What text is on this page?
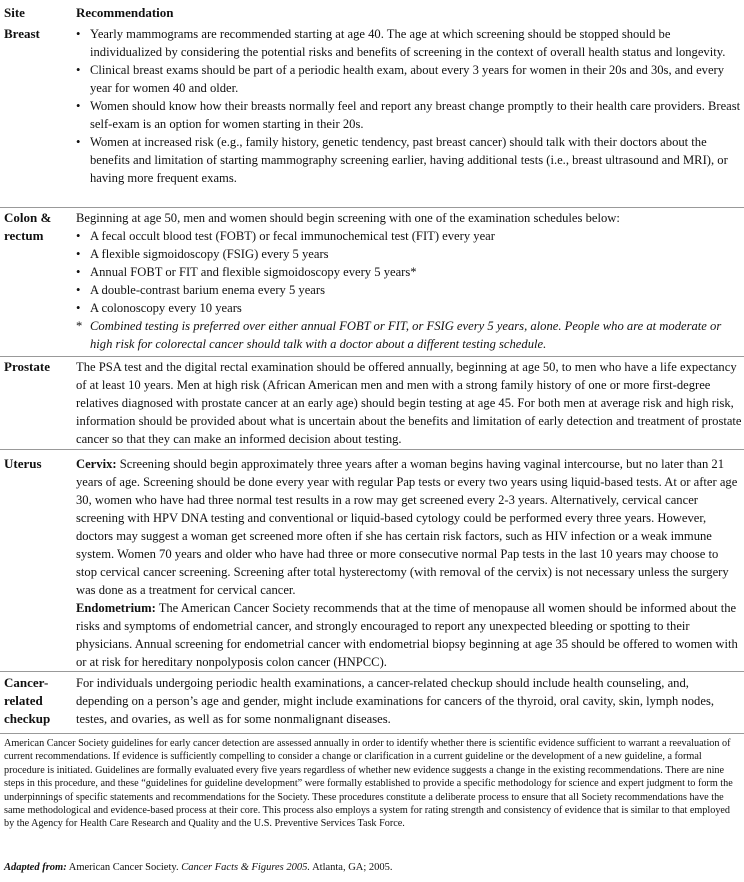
Site	Recommendation
Breast
•	Yearly mammograms are recommended starting at age 40. The age at which screening should be stopped should be individualized by considering the potential risks and benefits of screening in the context of overall health status and longevity.
• Clinical breast exams should be part of a periodic health exam, about every 3 years for women in their 20s and 30s, and every year for women 40 and older.
• Women should know how their breasts normally feel and report any breast change promptly to their health care providers. Breast self-exam is an option for women starting in their 20s.
• Women at increased risk (e.g., family history, genetic tendency, past breast cancer) should talk with their doctors about the benefits and limitation of starting mammography screening earlier, having additional tests (i.e., breast ultrasound and MRI), or having more frequent exams.
Colon &
rectum

Beginning at age 50, men and women should begin screening with one of the examination schedules below:

• A fecal occult blood test (FOBT) or fecal immunochemical test (FIT) every year
• A flexible sigmoidoscopy (FSIG) every 5 years
• Annual FOBT or FIT and flexible sigmoidoscopy every 5 years*
• A double-contrast barium enema every 5 years
• A colonoscopy every 10 years
* Combined testing is preferred over either annual FOBT or FIT, or FSIG every 5 years, alone. People who are at moderate or high risk for colorectal cancer should talk with a doctor about a different testing schedule.
Prostate The PSA test and the digital rectal examination should be offered annually, beginning at age 50, to men who have a life expectancy of at least 10 years. Men at high risk (African American men and men with a strong family history of one or more first-degree relatives diagnosed with prostate cancer at an early age) should begin testing at age 45. For both men at average risk and high risk, information should be provided about what is uncertain about the benefits and limitation of early detection and treatment of prostate cancer so that they can make an informed decision about testing.

Uterus	Cervix: Screening should begin approximately three years after a woman begins having vaginal intercourse, but no later than 21 years of age. Screening should be done every year with regular Pap tests or every two years using liquid-based tests. At or after age 30, women who have had three normal test results in a row may get screened every 2-3 years. Alternatively, cervical cancer screening with HPV DNA testing and conventional or liquid-based cytology could be performed every three years. However, doctors may suggest a woman get screened more often if she has certain risk factors, such as HIV infection or a weak immune system. Women 70 years and older who have had three or more consecutive normal Pap tests in the last 10 years may choose to stop cervical cancer screening. Screening after total hysterectomy (with removal of the cervix) is not necessary unless the surgery was done as a treatment for cervical cancer.

Endometrium: The American Cancer Society recommends that at the time of menopause all women should be informed about the risks and symptoms of endometrial cancer, and strongly encouraged to report any unexpected bleeding or spotting to their physicians. Annual screening for endometrial cancer with endometrial biopsy beginning at age 35 should be offered to women with or at risk for hereditary nonpolyposis colon cancer (HNPCC).

Cancer-
related
checkup

For individuals undergoing periodic health examinations, a cancer-related checkup should include health counseling, and, depending on a person’s age and gender, might include examinations for cancers of the thyroid, oral cavity, skin, lymph nodes, testes, and ovaries, as well as for some nonmalignant diseases.

American Cancer Society guidelines for early cancer detection are assessed annually in order to identify whether there is scientific evidence sufficient to warrant a reevaluation of current recommendations. If evidence is sufficiently compelling to consider a change or clarification in a current guideline or the development of a new guideline, a formal procedure is initiated. Guidelines are formally evaluated every five years regardless of whether new evidence suggests a change in the existing recommendations. There are nine steps in this procedure, and these “guidelines for guideline development” were formally established to provide a specific methodology for science and expert judgment to form the underpinnings of specific statements and recommendations for the Society. These procedures constitute a deliberate process to ensure that all Society recommendations have the same methodological and evidence-based process at their core. This process also employs a system for rating strength and consistency of evidence that is similar to that employed by the Agency for Health Care Research and Quality and the U.S. Preventive Services Task Force.
Adapted from: American Cancer Society. Cancer Facts & Figures 2005. Atlanta, GA; 2005.
